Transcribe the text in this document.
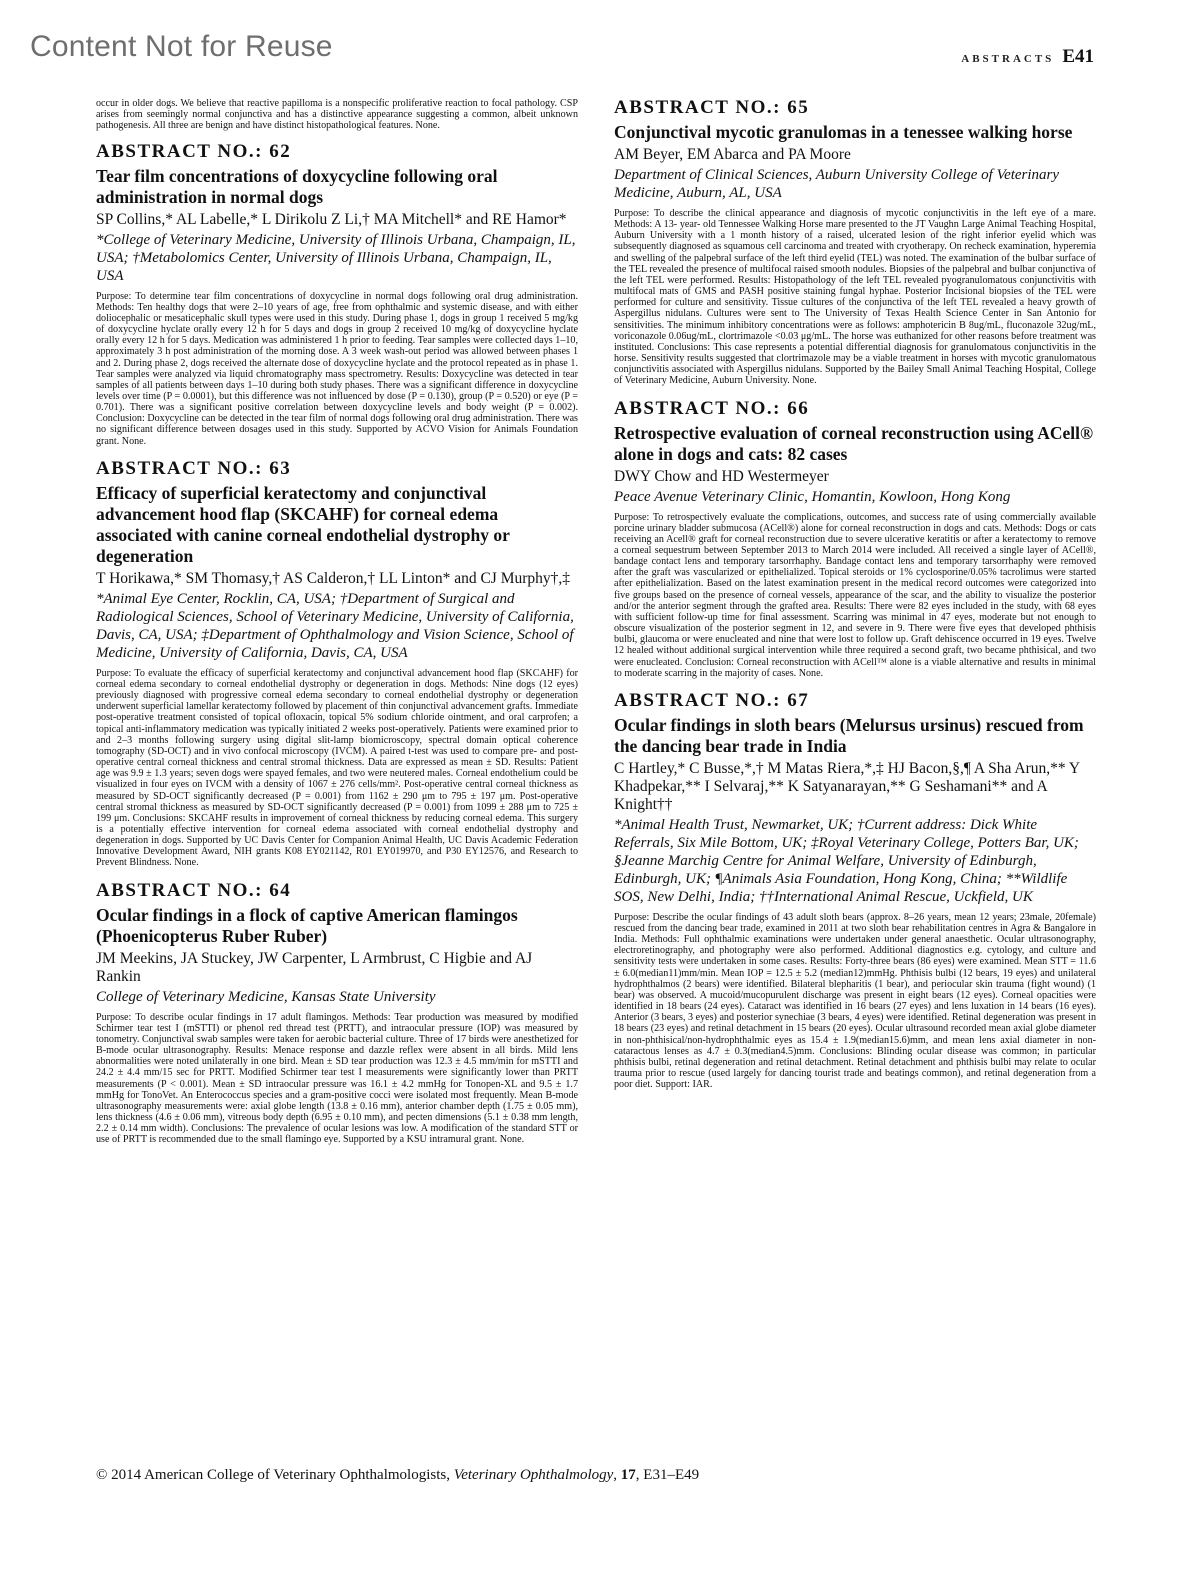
Content Not for Reuse	ABSTRACTS E41

occur in older dogs. We believe that reactive papilloma is a nonspecific proliferative reaction to focal pathology. CSP arises from seemingly normal conjunctiva and has a distinctive appearance suggesting a common, albeit unknown pathogenesis. All three are benign and have distinct histopathological features. None.

ABSTRACT NO.: 62
Tear film concentrations of doxycycline following oral administration in normal dogs
SP Collins,* AL Labelle,* L Dirikolu Z Li,† MA Mitchell* and RE Hamor*
*College of Veterinary Medicine, University of Illinois Urbana, Champaign, IL, USA; †Metabolomics Center, University of Illinois Urbana, Champaign, IL, USA

Purpose: To determine tear film concentrations of doxycycline in normal dogs following oral drug administration. Methods: Ten healthy dogs that were 2–10 years of age, free from ophthalmic and systemic disease, and with either doliocephalic or mesaticephalic skull types were used in this study. During phase 1, dogs in group 1 received 5 mg/kg of doxycycline hyclate orally every 12 h for 5 days and dogs in group 2 received 10 mg/kg of doxycycline hyclate orally every 12 h for 5 days. Medication was administered 1 h prior to feeding. Tear samples were collected days 1–10, approximately 3 h post administration of the morning dose. A 3 week wash-out period was allowed between phases 1 and 2. During phase 2, dogs received the alternate dose of doxycycline hyclate and the protocol repeated as in phase 1. Tear samples were analyzed via liquid chromatography mass spectrometry. Results: Doxycycline was detected in tear samples of all patients between days 1–10 during both study phases. There was a significant difference in doxycycline levels over time (P = 0.0001), but this difference was not influenced by dose (P = 0.130), group (P = 0.520) or eye (P = 0.701). There was a significant positive correlation between doxycycline levels and body weight (P = 0.002). Conclusion: Doxycycline can be detected in the tear film of normal dogs following oral drug administration. There was no significant difference between dosages used in this study. Supported by ACVO Vision for Animals Foundation grant. None.

ABSTRACT NO.: 63
Efficacy of superficial keratectomy and conjunctival advancement hood flap (SKCAHF) for corneal edema associated with canine corneal endothelial dystrophy or degeneration
T Horikawa,* SM Thomasy,† AS Calderon,† LL Linton* and CJ Murphy†,‡
*Animal Eye Center, Rocklin, CA, USA; †Department of Surgical and Radiological Sciences, School of Veterinary Medicine, University of California, Davis, CA, USA; ‡Department of Ophthalmology and Vision Science, School of Medicine, University of California, Davis, CA, USA

Purpose: To evaluate the efficacy of superficial keratectomy and conjunctival advancement hood flap (SKCAHF) for corneal edema secondary to corneal endothelial dystrophy or degeneration in dogs. Methods: Nine dogs (12 eyes) previously diagnosed with progressive corneal edema secondary to corneal endothelial dystrophy or degeneration underwent superficial lamellar keratectomy followed by placement of thin conjunctival advancement grafts. Immediate post-operative treatment consisted of topical ofloxacin, topical 5% sodium chloride ointment, and oral carprofen; a topical anti-inflammatory medication was typically initiated 2 weeks post-operatively. Patients were examined prior to and 2–3 months following surgery using digital slit-lamp biomicroscopy, spectral domain optical coherence tomography (SD-OCT) and in vivo confocal microscopy (IVCM). A paired t-test was used to compare pre- and post-operative central corneal thickness and central stromal thickness. Data are expressed as mean ± SD. Results: Patient age was 9.9 ± 1.3 years; seven dogs were spayed females, and two were neutered males. Corneal endothelium could be visualized in four eyes on IVCM with a density of 1067 ± 276 cells/mm². Post-operative central corneal thickness as measured by SD-OCT significantly decreased (P = 0.001) from 1162 ± 290 μm to 795 ± 197 μm. Post-operative central stromal thickness as measured by SD-OCT significantly decreased (P = 0.001) from 1099 ± 288 μm to 725 ± 199 μm. Conclusions: SKCAHF results in improvement of corneal thickness by reducing corneal edema. This surgery is a potentially effective intervention for corneal edema associated with corneal endothelial dystrophy and degeneration in dogs. Supported by UC Davis Center for Companion Animal Health, UC Davis Academic Federation Innovative Development Award, NIH grants K08 EY021142, R01 EY019970, and P30 EY12576, and Research to Prevent Blindness. None.

ABSTRACT NO.: 64
Ocular findings in a flock of captive American flamingos (Phoenicopterus Ruber Ruber)
JM Meekins, JA Stuckey, JW Carpenter, L Armbrust, C Higbie and AJ Rankin
College of Veterinary Medicine, Kansas State University

Purpose: To describe ocular findings in 17 adult flamingos. Methods: Tear production was measured by modified Schirmer tear test I (mSTTI) or phenol red thread test (PRTT), and intraocular pressure (IOP) was measured by tonometry. Conjunctival swab samples were taken for aerobic bacterial culture. Three of 17 birds were anesthetized for B-mode ocular ultrasonography. Results: Menace response and dazzle reflex were absent in all birds. Mild lens abnormalities were noted unilaterally in one bird. Mean ± SD tear production was 12.3 ± 4.5 mm/min for mSTTI and 24.2 ± 4.4 mm/15 sec for PRTT. Modified Schirmer tear test I measurements were significantly lower than PRTT measurements (P < 0.001). Mean ± SD intraocular pressure was 16.1 ± 4.2 mmHg for Tonopen-XL and 9.5 ± 1.7 mmHg for TonoVet. An Enterococcus species and a gram-positive cocci were isolated most frequently. Mean B-mode ultrasonography measurements were: axial globe length (13.8 ± 0.16 mm), anterior chamber depth (1.75 ± 0.05 mm), lens thickness (4.6 ± 0.06 mm), vitreous body depth (6.95 ± 0.10 mm), and pecten dimensions (5.1 ± 0.38 mm length, 2.2 ± 0.14 mm width). Conclusions: The prevalence of ocular lesions was low. A modification of the standard STT or use of PRTT is recommended due to the small flamingo eye. Supported by a KSU intramural grant. None.

ABSTRACT NO.: 65
Conjunctival mycotic granulomas in a tenessee walking horse
AM Beyer, EM Abarca and PA Moore
Department of Clinical Sciences, Auburn University College of Veterinary Medicine, Auburn, AL, USA

Purpose: To describe the clinical appearance and diagnosis of mycotic conjunctivitis in the left eye of a mare. Methods: A 13- year- old Tennessee Walking Horse mare presented to the JT Vaughn Large Animal Teaching Hospital, Auburn University with a 1 month history of a raised, ulcerated lesion of the right inferior eyelid which was subsequently diagnosed as squamous cell carcinoma and treated with cryotherapy. On recheck examination, hyperemia and swelling of the palpebral surface of the left third eyelid (TEL) was noted. The examination of the bulbar surface of the TEL revealed the presence of multifocal raised smooth nodules. Biopsies of the palpebral and bulbar conjunctiva of the left TEL were performed. Results: Histopathology of the left TEL revealed pyogranulomatous conjunctivitis with multifocal mats of GMS and PASH positive staining fungal hyphae. Posterior Incisional biopsies of the TEL were performed for culture and sensitivity. Tissue cultures of the conjunctiva of the left TEL revealed a heavy growth of Aspergillus nidulans. Cultures were sent to The University of Texas Health Science Center in San Antonio for sensitivities. The minimum inhibitory concentrations were as follows: amphotericin B 8ug/mL, fluconazole 32ug/mL, voriconazole 0.06ug/mL, clortrimazole <0.03 μg/mL. The horse was euthanized for other reasons before treatment was instituted. Conclusions: This case represents a potential differential diagnosis for granulomatous conjunctivitis in the horse. Sensitivity results suggested that clortrimazole may be a viable treatment in horses with mycotic granulomatous conjunctivitis associated with Aspergillus nidulans. Supported by the Bailey Small Animal Teaching Hospital, College of Veterinary Medicine, Auburn University. None.

ABSTRACT NO.: 66
Retrospective evaluation of corneal reconstruction using ACell® alone in dogs and cats: 82 cases
DWY Chow and HD Westermeyer
Peace Avenue Veterinary Clinic, Homantin, Kowloon, Hong Kong

Purpose: To retrospectively evaluate the complications, outcomes, and success rate of using commercially available porcine urinary bladder submucosa (ACell®) alone for corneal reconstruction in dogs and cats. Methods: Dogs or cats receiving an Acell® graft for corneal reconstruction due to severe ulcerative keratitis or after a keratectomy to remove a corneal sequestrum between September 2013 to March 2014 were included. All received a single layer of ACell®, bandage contact lens and temporary tarsorrhaphy. Bandage contact lens and temporary tarsorrhaphy were removed after the graft was vascularized or epithelialized. Topical steroids or 1% cyclosporine/0.05% tacrolimus were started after epithelialization. Based on the latest examination present in the medical record outcomes were categorized into five groups based on the presence of corneal vessels, appearance of the scar, and the ability to visualize the posterior and/or the anterior segment through the grafted area. Results: There were 82 eyes included in the study, with 68 eyes with sufficient follow-up time for final assessment. Scarring was minimal in 47 eyes, moderate but not enough to obscure visualization of the posterior segment in 12, and severe in 9. There were five eyes that developed phthisis bulbi, glaucoma or were enucleated and nine that were lost to follow up. Graft dehiscence occurred in 19 eyes. Twelve 12 healed without additional surgical intervention while three required a second graft, two became phthisical, and two were enucleated. Conclusion: Corneal reconstruction with ACell™ alone is a viable alternative and results in minimal to moderate scarring in the majority of cases. None.

ABSTRACT NO.: 67
Ocular findings in sloth bears (Melursus ursinus) rescued from the dancing bear trade in India
C Hartley,* C Busse,*,† M Matas Riera,*,‡ HJ Bacon,§,¶ A Sha Arun,** Y Khadpekar,** I Selvaraj,** K Satyanarayan,** G Seshamani** and A Knight††
*Animal Health Trust, Newmarket, UK; †Current address: Dick White Referrals, Six Mile Bottom, UK; ‡Royal Veterinary College, Potters Bar, UK; §Jeanne Marchig Centre for Animal Welfare, University of Edinburgh, Edinburgh, UK; ¶Animals Asia Foundation, Hong Kong, China; **Wildlife SOS, New Delhi, India; ††International Animal Rescue, Uckfield, UK

Purpose: Describe the ocular findings of 43 adult sloth bears (approx. 8–26 years, mean 12 years; 23male, 20female) rescued from the dancing bear trade, examined in 2011 at two sloth bear rehabilitation centres in Agra & Bangalore in India. Methods: Full ophthalmic examinations were undertaken under general anaesthetic. Ocular ultrasonography, electroretinography, and photography were also performed. Additional diagnostics e.g. cytology, and culture and sensitivity tests were undertaken in some cases. Results: Forty-three bears (86 eyes) were examined. Mean STT = 11.6 ± 6.0(median11)mm/min. Mean IOP = 12.5 ± 5.2 (median12)mmHg. Phthisis bulbi (12 bears, 19 eyes) and unilateral hydrophthalmos (2 bears) were identified. Bilateral blepharitis (1 bear), and periocular skin trauma (fight wound) (1 bear) was observed. A mucoid/mucopurulent discharge was present in eight bears (12 eyes). Corneal opacities were identified in 18 bears (24 eyes). Cataract was identified in 16 bears (27 eyes) and lens luxation in 14 bears (16 eyes). Anterior (3 bears, 3 eyes) and posterior synechiae (3 bears, 4 eyes) were identified. Retinal degeneration was present in 18 bears (23 eyes) and retinal detachment in 15 bears (20 eyes). Ocular ultrasound recorded mean axial globe diameter in non-phthisical/non-hydrophthalmic eyes as 15.4 ± 1.9(median15.6)mm, and mean lens axial diameter in non-cataractous lenses as 4.7 ± 0.3(median4.5)mm. Conclusions: Blinding ocular disease was common; in particular phthisis bulbi, retinal degeneration and retinal detachment. Retinal detachment and phthisis bulbi may relate to ocular trauma prior to rescue (used largely for dancing tourist trade and beatings common), and retinal degeneration from a poor diet. Support: IAR.

© 2014 American College of Veterinary Ophthalmologists, Veterinary Ophthalmology, 17, E31–E49
